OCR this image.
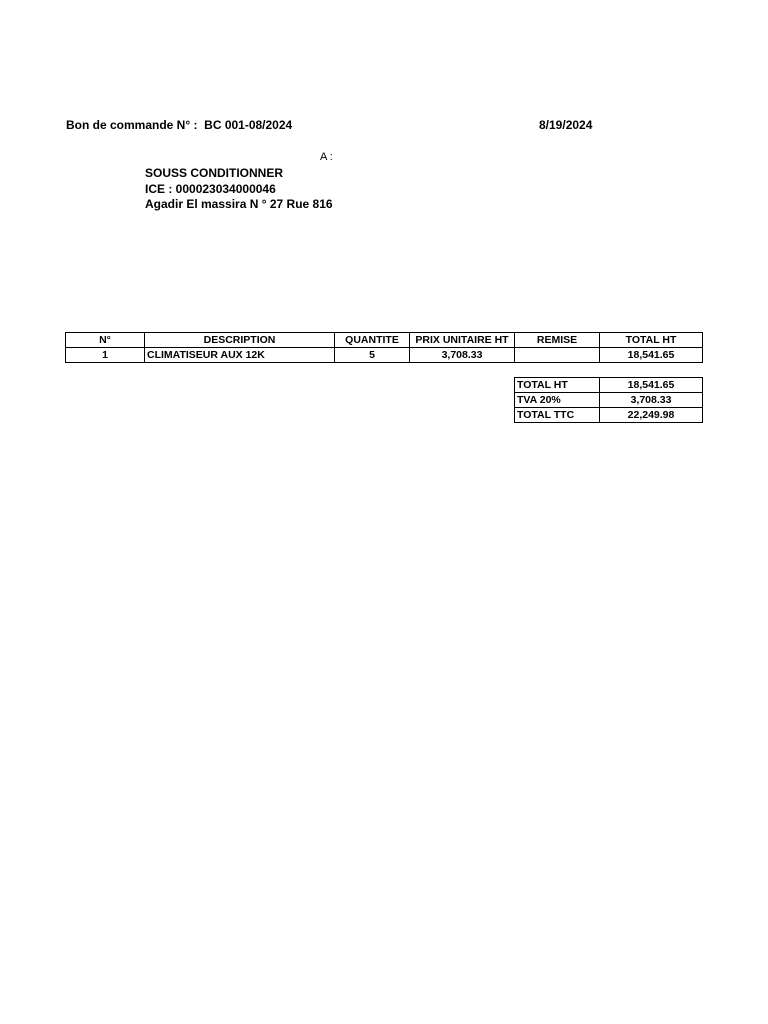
Bon de commande N° :  BC 001-08/2024	8/19/2024
A :
SOUSS CONDITIONNER
ICE : 000023034000046
Agadir El massira N ° 27 Rue 816
N°	DESCRIPTION	QUANTITE	PRIX UNITAIRE HT	REMISE	TOTAL HT
1	CLIMATISEUR AUX 12K	5	3,708.33		18,541.65
TOTAL HT	18,541.65
TVA 20%	3,708.33
TOTAL TTC	22,249.98
